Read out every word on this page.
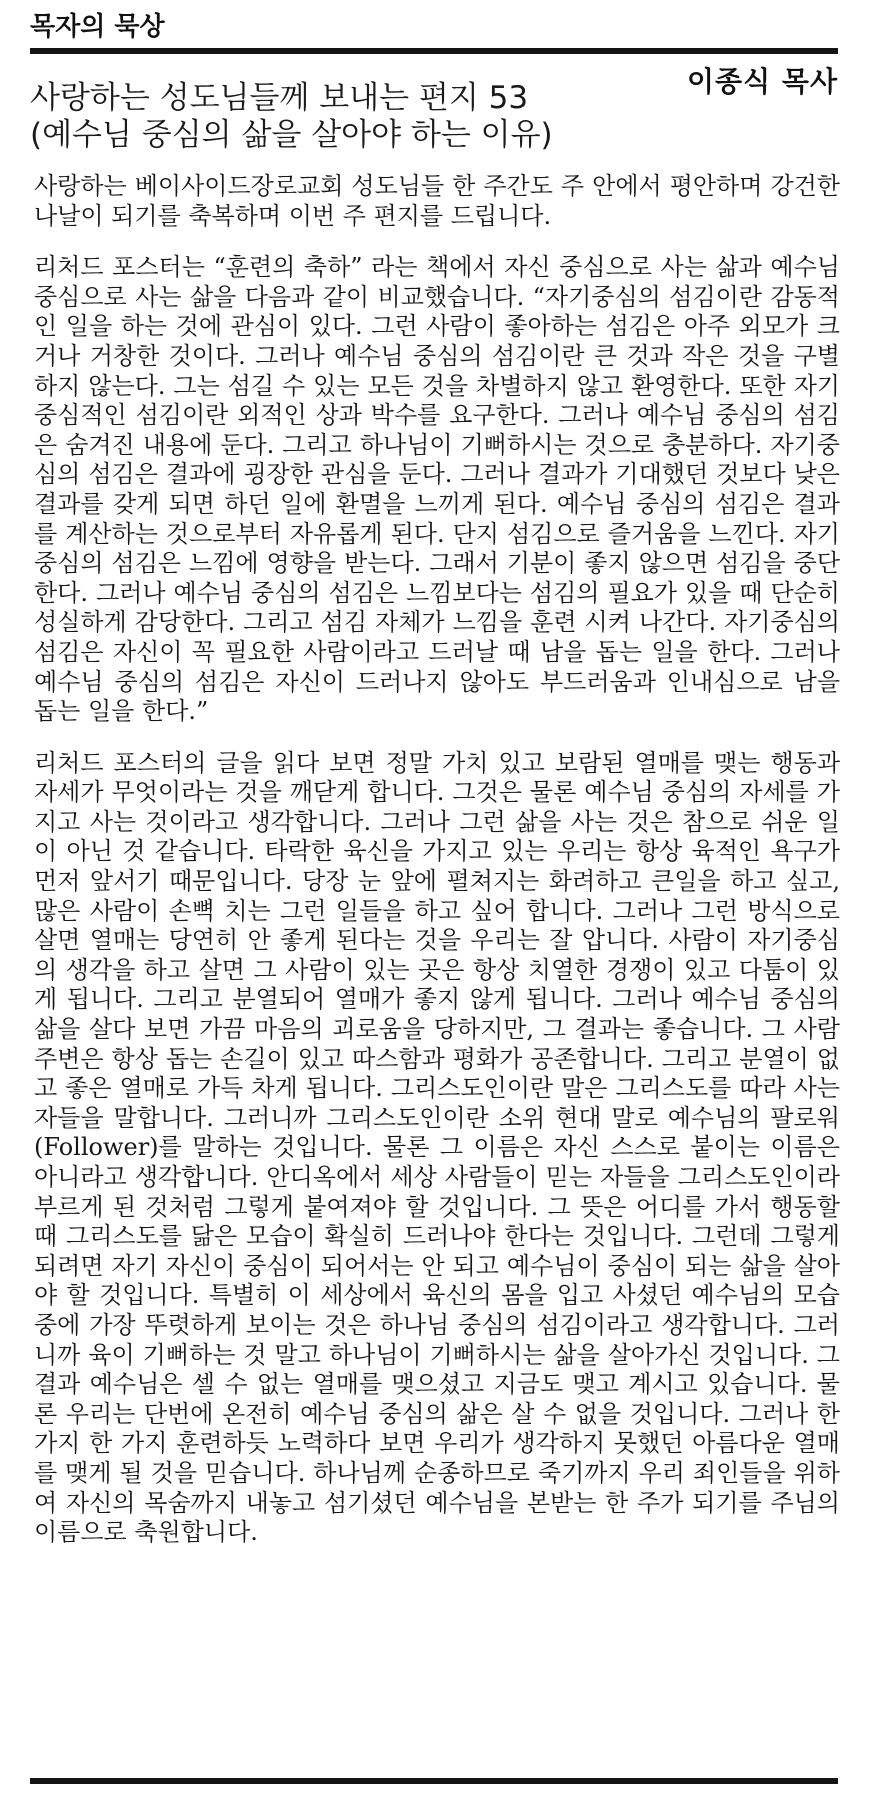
목자의 묵상
이종식 목사
사랑하는 성도님들께 보내는 편지 53
(예수님 중심의 삶을 살아야 하는 이유)

사랑하는 베이사이드장로교회 성도님들 한 주간도 주 안에서 평안하며 강건한 나날이 되기를 축복하며 이번 주 편지를 드립니다.

리처드 포스터는 “훈련의 축하” 라는 책에서 자신 중심으로 사는 삶과 예수님 중심으로 사는 삶을 다음과 같이 비교했습니다. “자기중심의 섬김이란 감동적인 일을 하는 것에 관심이 있다. 그런 사람이 좋아하는 섬김은 아주 외모가 크거나 거창한 것이다. 그러나 예수님 중심의 섬김이란 큰 것과 작은 것을 구별하지 않는다. 그는 섬길 수 있는 모든 것을 차별하지 않고 환영한다. 또한 자기중심적인 섬김이란 외적인 상과 박수를 요구한다. 그러나 예수님 중심의 섬김은 숨겨진 내용에 둔다. 그리고 하나님이 기뻐하시는 것으로 충분하다. 자기중심의 섬김은 결과에 굉장한 관심을 둔다. 그러나 결과가 기대했던 것보다 낮은 결과를 갖게 되면 하던 일에 환멸을 느끼게 된다. 예수님 중심의 섬김은 결과를 계산하는 것으로부터 자유롭게 된다. 단지 섬김으로 즐거움을 느낀다. 자기중심의 섬김은 느낌에 영향을 받는다. 그래서 기분이 좋지 않으면 섬김을 중단한다. 그러나 예수님 중심의 섬김은 느낌보다는 섬김의 필요가 있을 때 단순히 성실하게 감당한다. 그리고 섬김 자체가 느낌을 훈련 시켜 나간다. 자기중심의 섬김은 자신이 꼭 필요한 사람이라고 드러날 때 남을 돕는 일을 한다. 그러나 예수님 중심의 섬김은 자신이 드러나지 않아도 부드러움과 인내심으로 남을 돕는 일을 한다.”

리처드 포스터의 글을 읽다 보면 정말 가치 있고 보람된 열매를 맺는 행동과 자세가 무엇이라는 것을 깨닫게 합니다. 그것은 물론 예수님 중심의 자세를 가지고 사는 것이라고 생각합니다. 그러나 그런 삶을 사는 것은 참으로 쉬운 일이 아닌 것 같습니다. 타락한 육신을 가지고 있는 우리는 항상 육적인 욕구가 먼저 앞서기 때문입니다. 당장 눈 앞에 펼쳐지는 화려하고 큰일을 하고 싶고, 많은 사람이 손뼉 치는 그런 일들을 하고 싶어 합니다. 그러나 그런 방식으로 살면 열매는 당연히 안 좋게 된다는 것을 우리는 잘 압니다. 사람이 자기중심의 생각을 하고 살면 그 사람이 있는 곳은 항상 치열한 경쟁이 있고 다툼이 있게 됩니다. 그리고 분열되어 열매가 좋지 않게 됩니다. 그러나 예수님 중심의 삶을 살다 보면 가끔 마음의 괴로움을 당하지만, 그 결과는 좋습니다. 그 사람 주변은 항상 돕는 손길이 있고 따스함과 평화가 공존합니다. 그리고 분열이 없고 좋은 열매로 가득 차게 됩니다. 그리스도인이란 말은 그리스도를 따라 사는 자들을 말합니다. 그러니까 그리스도인이란 소위 현대 말로 예수님의 팔로워(Follower)를 말하는 것입니다. 물론 그 이름은 자신 스스로 붙이는 이름은 아니라고 생각합니다. 안디옥에서 세상 사람들이 믿는 자들을 그리스도인이라 부르게 된 것처럼 그렇게 붙여져야 할 것입니다. 그 뜻은 어디를 가서 행동할 때 그리스도를 닮은 모습이 확실히 드러나야 한다는 것입니다. 그런데 그렇게 되려면 자기 자신이 중심이 되어서는 안 되고 예수님이 중심이 되는 삶을 살아야 할 것입니다. 특별히 이 세상에서 육신의 몸을 입고 사셨던 예수님의 모습 중에 가장 뚜렷하게 보이는 것은 하나님 중심의 섬김이라고 생각합니다. 그러니까 육이 기뻐하는 것 말고 하나님이 기뻐하시는 삶을 살아가신 것입니다. 그 결과 예수님은 셀 수 없는 열매를 맺으셨고 지금도 맺고 계시고 있습니다. 물론 우리는 단번에 온전히 예수님 중심의 삶은 살 수 없을 것입니다. 그러나 한 가지 한 가지 훈련하듯 노력하다 보면 우리가 생각하지 못했던 아름다운 열매를 맺게 될 것을 믿습니다. 하나님께 순종하므로 죽기까지 우리 죄인들을 위하여 자신의 목숨까지 내놓고 섬기셨던 예수님을 본받는 한 주가 되기를 주님의 이름으로 축원합니다.
